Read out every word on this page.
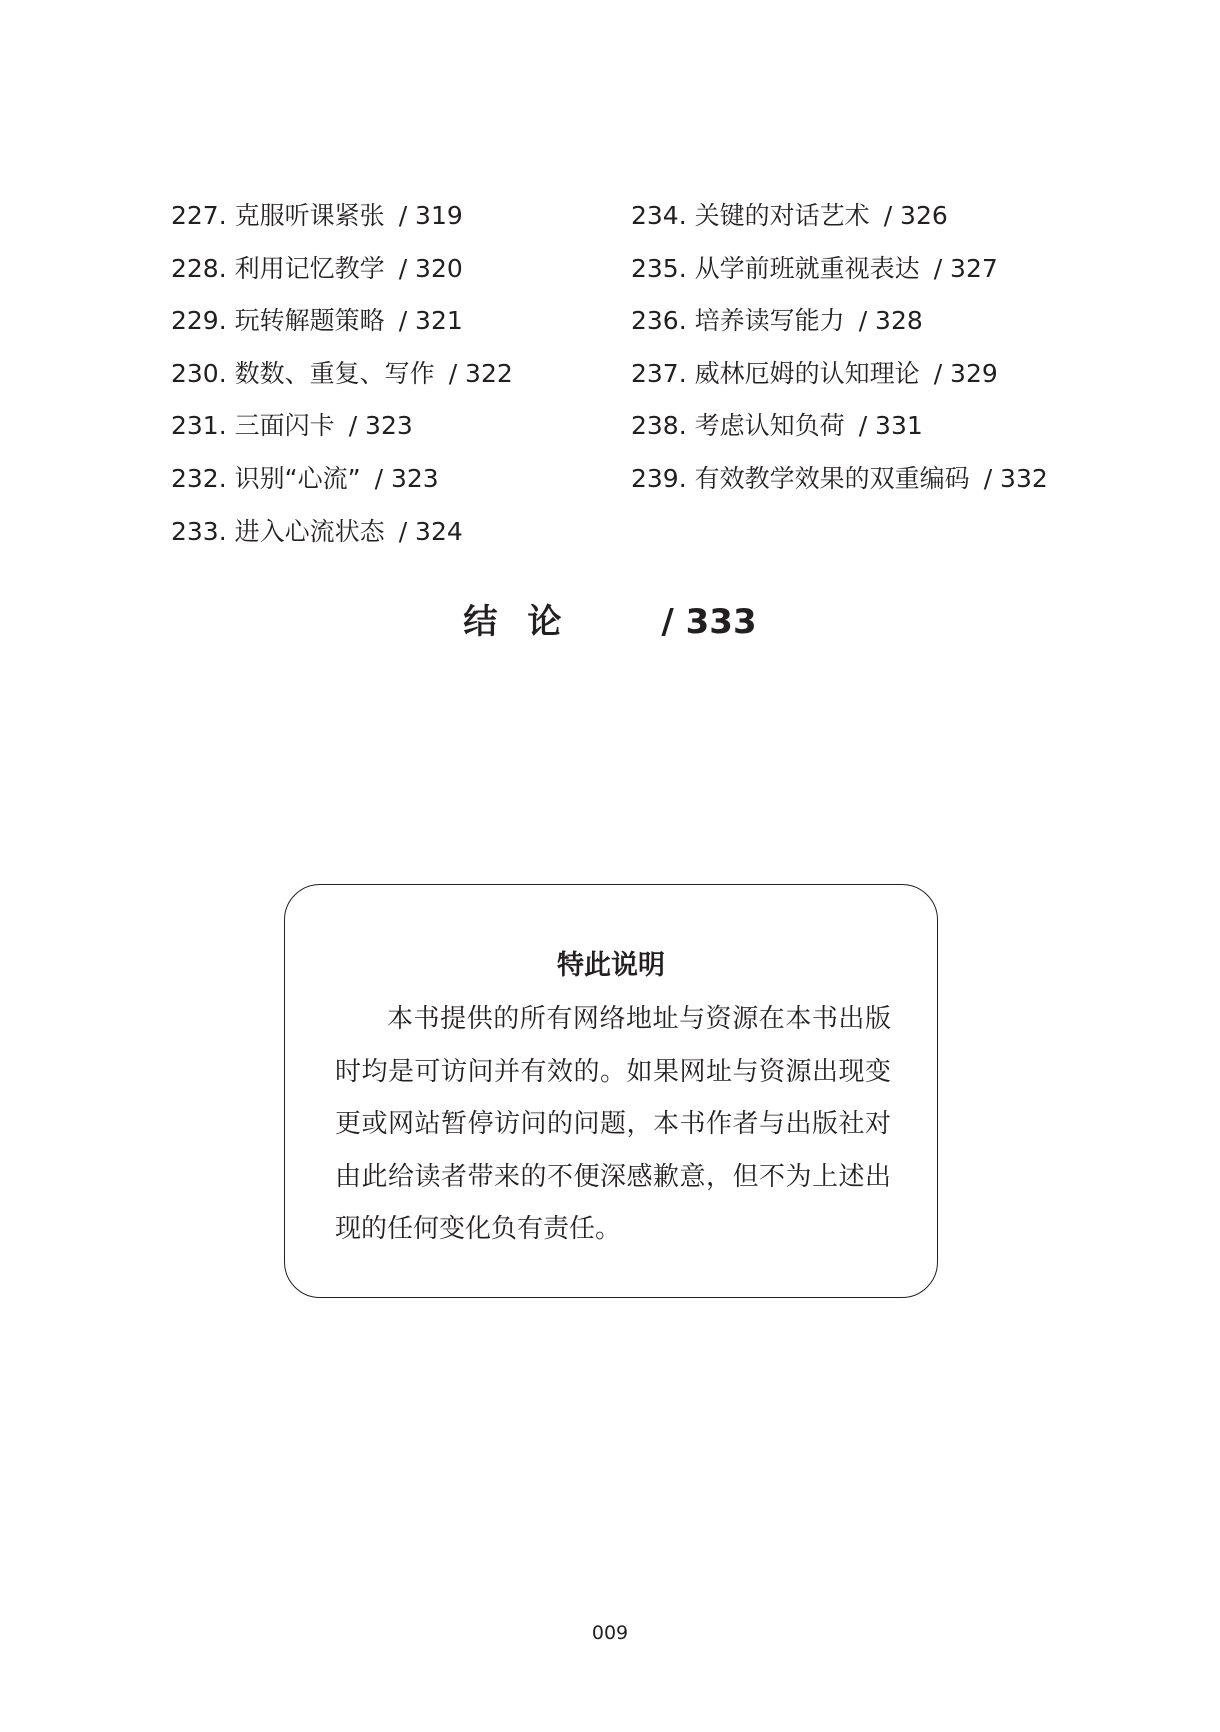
227. 克服听课紧张 / 319
228. 利用记忆教学 / 320
229. 玩转解题策略 / 321
230. 数数、重复、写作 / 322
231. 三面闪卡 / 323
232. 识别“心流” / 323
233. 进入心流状态 / 324
234. 关键的对话艺术 / 326
235. 从学前班就重视表达 / 327
236. 培养读写能力 / 328
237. 威林厄姆的认知理论 / 329
238. 考虑认知负荷 / 331
239. 有效教学效果的双重编码 / 332
结论 / 333
特此说明

本书提供的所有网络地址与资源在本书出版时均是可访问并有效的。如果网址与资源出现变更或网站暂停访问的问题，本书作者与出版社对由此给读者带来的不便深感歉意，但不为上述出现的任何变化负有责任。

009
